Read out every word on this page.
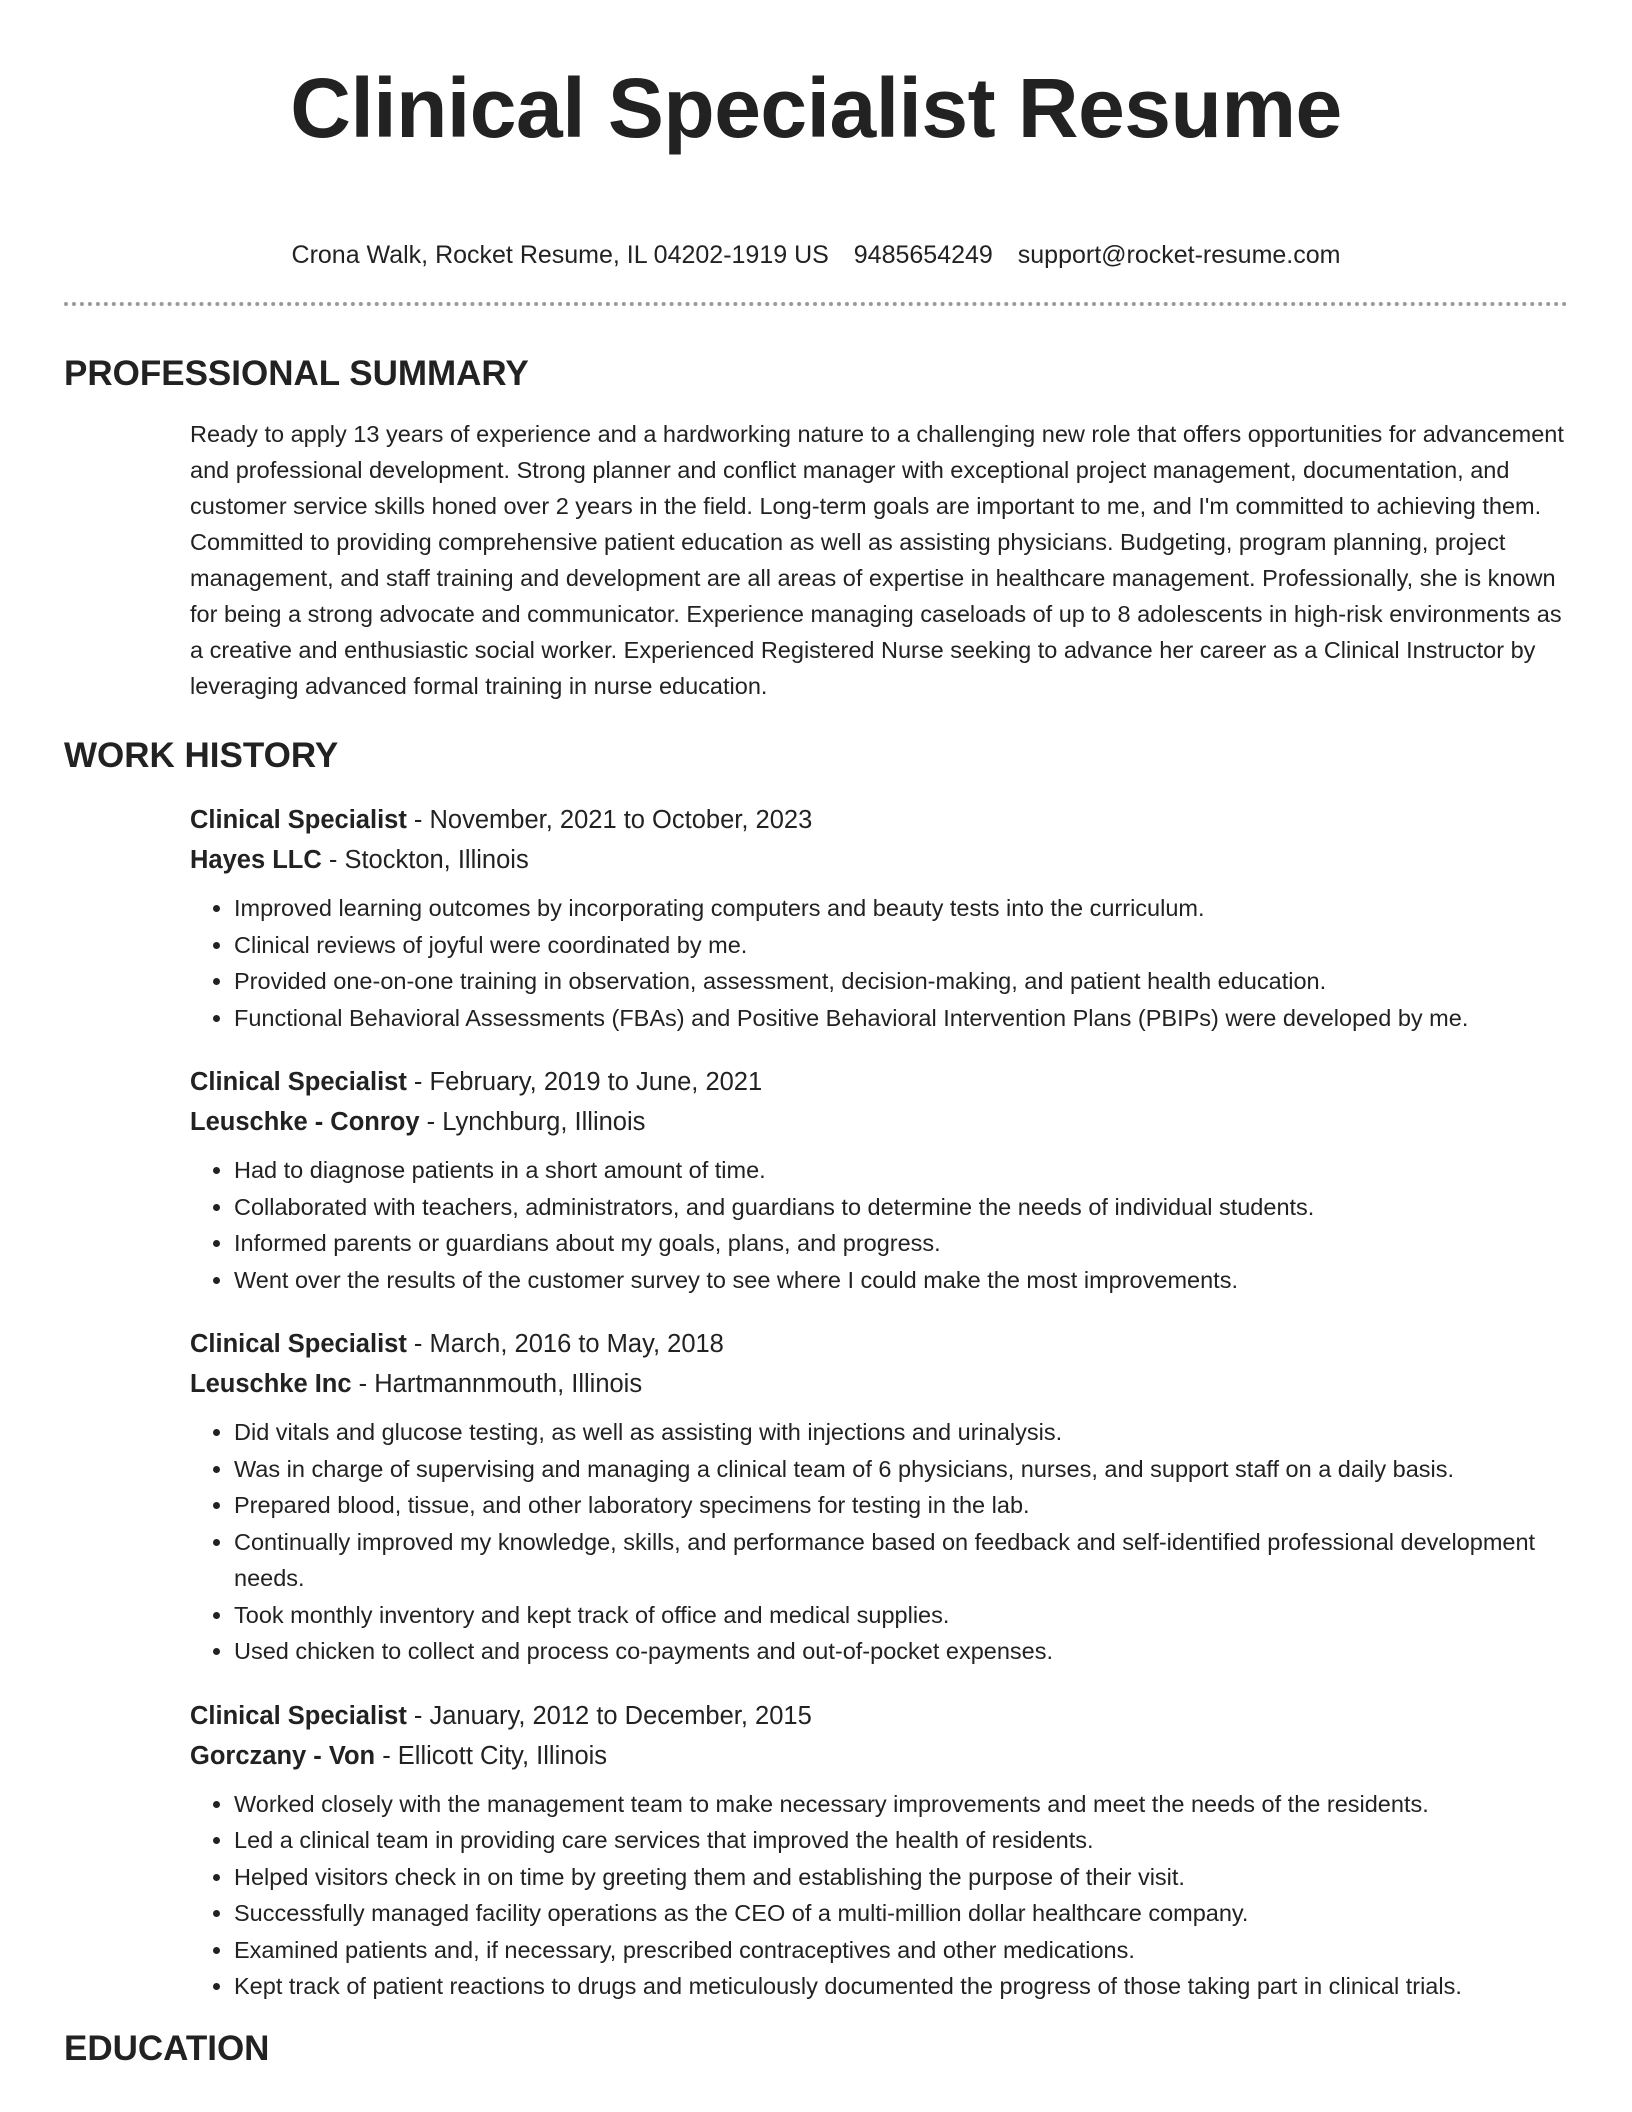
Clinical Specialist Resume
Crona Walk, Rocket Resume, IL 04202-1919 US 9485654249 support@rocket-resume.com
PROFESSIONAL SUMMARY
Ready to apply 13 years of experience and a hardworking nature to a challenging new role that offers opportunities for advancement and professional development. Strong planner and conflict manager with exceptional project management, documentation, and customer service skills honed over 2 years in the field. Long-term goals are important to me, and I'm committed to achieving them. Committed to providing comprehensive patient education as well as assisting physicians. Budgeting, program planning, project management, and staff training and development are all areas of expertise in healthcare management. Professionally, she is known for being a strong advocate and communicator. Experience managing caseloads of up to 8 adolescents in high-risk environments as a creative and enthusiastic social worker. Experienced Registered Nurse seeking to advance her career as a Clinical Instructor by leveraging advanced formal training in nurse education.
WORK HISTORY
Clinical Specialist - November, 2021 to October, 2023
Hayes LLC - Stockton, Illinois
• Improved learning outcomes by incorporating computers and beauty tests into the curriculum.
• Clinical reviews of joyful were coordinated by me.
• Provided one-on-one training in observation, assessment, decision-making, and patient health education.
• Functional Behavioral Assessments (FBAs) and Positive Behavioral Intervention Plans (PBIPs) were developed by me.
Clinical Specialist - February, 2019 to June, 2021
Leuschke - Conroy - Lynchburg, Illinois
• Had to diagnose patients in a short amount of time.
• Collaborated with teachers, administrators, and guardians to determine the needs of individual students.
• Informed parents or guardians about my goals, plans, and progress.
• Went over the results of the customer survey to see where I could make the most improvements.
Clinical Specialist - March, 2016 to May, 2018
Leuschke Inc - Hartmannmouth, Illinois
• Did vitals and glucose testing, as well as assisting with injections and urinalysis.
• Was in charge of supervising and managing a clinical team of 6 physicians, nurses, and support staff on a daily basis.
• Prepared blood, tissue, and other laboratory specimens for testing in the lab.
• Continually improved my knowledge, skills, and performance based on feedback and self-identified professional development needs.
• Took monthly inventory and kept track of office and medical supplies.
• Used chicken to collect and process co-payments and out-of-pocket expenses.
Clinical Specialist - January, 2012 to December, 2015
Gorczany - Von - Ellicott City, Illinois
• Worked closely with the management team to make necessary improvements and meet the needs of the residents.
• Led a clinical team in providing care services that improved the health of residents.
• Helped visitors check in on time by greeting them and establishing the purpose of their visit.
• Successfully managed facility operations as the CEO of a multi-million dollar healthcare company.
• Examined patients and, if necessary, prescribed contraceptives and other medications.
• Kept track of patient reactions to drugs and meticulously documented the progress of those taking part in clinical trials.
EDUCATION
